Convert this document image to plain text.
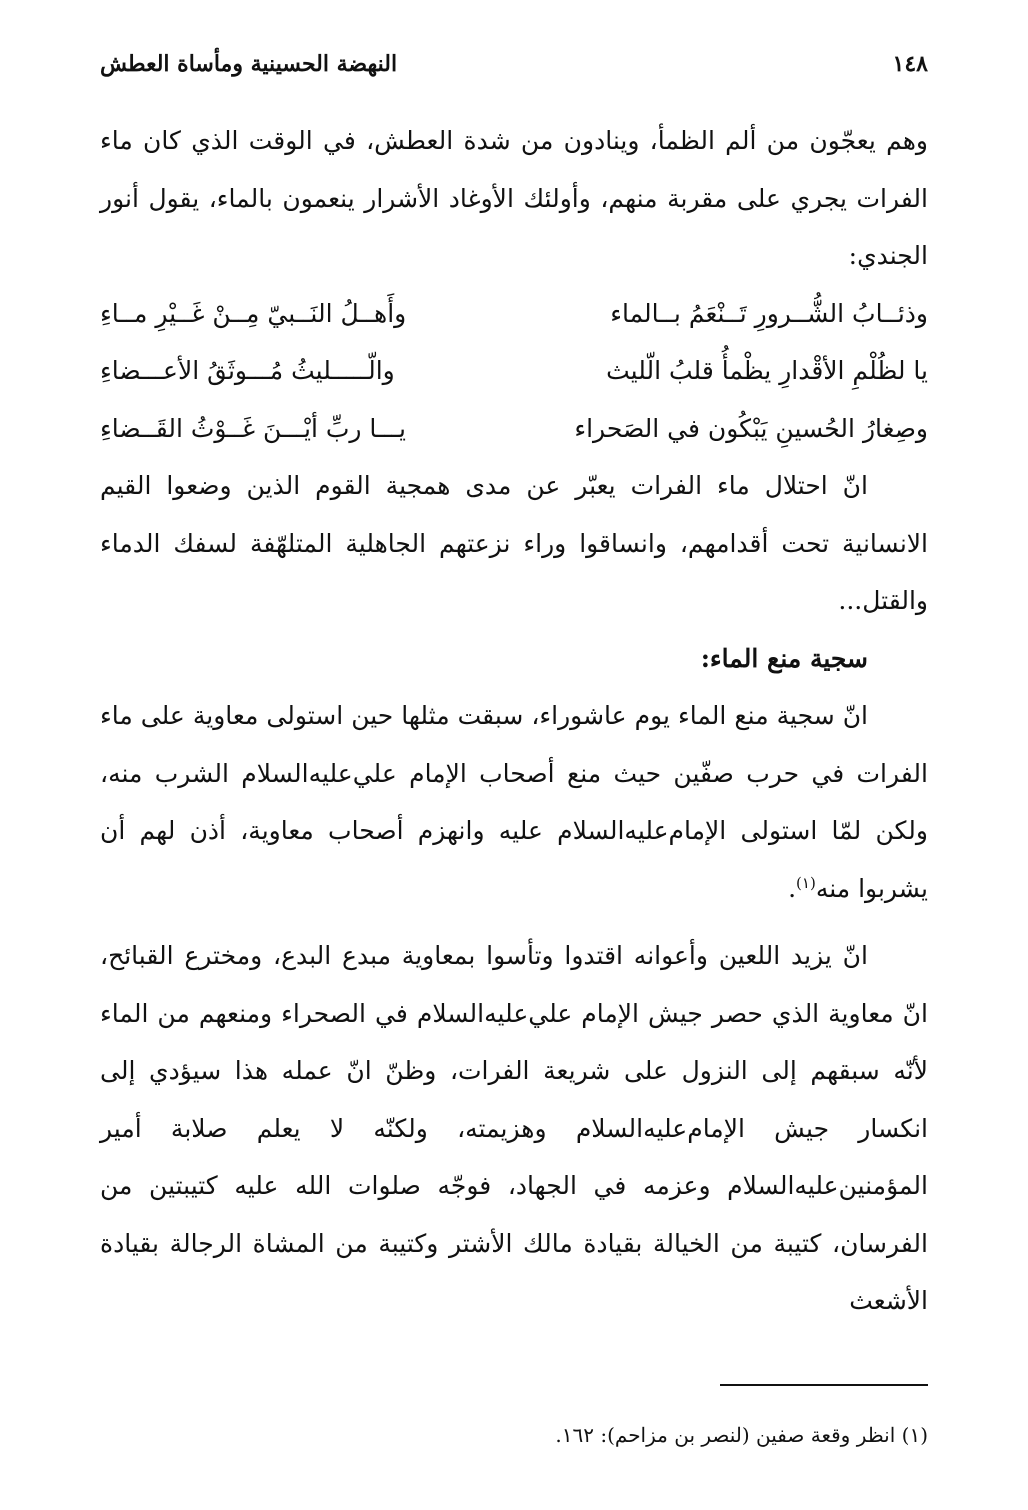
١٤٨
النهضة الحسينية ومأساة العطش

وهم يعجّون من ألم الظمأ، وينادون من شدة العطش، في الوقت الذي كان ماء الفرات يجري على مقربة منهم، وأولئك الأوغاد الأشرار ينعمون بالماء، يقول أنور الجندي:

وذئــابُ الشُّــرورِ تَــنْعَمُ بــالماء
وأَهــلُ النَــبيّ مِــنْ غَــيْرِ مــاءِ
يا لظُلْمِ الأقْدارِ يظْمأُ قلبُ الّليث
والّـــــليثُ مُـــوثَقُ الأعـــضاءِ
وصِغارُ الحُسينِ يَبْكُون في الصَحراء
يـــا ربِّ أيْـــنَ غَــوْثُ القَــضاءِ

انّ احتلال ماء الفرات يعبّر عن مدى همجية القوم الذين وضعوا القيم الانسانية تحت أقدامهم، وانساقوا وراء نزعتهم الجاهلية المتلهّفة لسفك الدماء والقتل...

سجية منع الماء:

انّ سجية منع الماء يوم عاشوراء، سبقت مثلها حين استولى معاوية على ماء الفرات في حرب صفّين حيث منع أصحاب الإمام علي‌عليه‌السلام الشرب منه، ولكن لمّا استولى الإمام‌عليه‌السلام عليه وانهزم أصحاب معاوية، أذن لهم أن يشربوا منه$^{(١)}$.

انّ يزيد اللعين وأعوانه اقتدوا وتأسوا بمعاوية مبدع البدع، ومخترع القبائح، انّ معاوية الذي حصر جيش الإمام علي‌عليه‌السلام في الصحراء ومنعهم من الماء لأنّه سبقهم إلى النزول على شريعة الفرات، وظنّ انّ عمله هذا سيؤدي إلى انكسار جيش الإمام‌عليه‌السلام وهزيمته، ولكنّه لا يعلم صلابة أمير المؤمنين‌عليه‌السلام وعزمه في الجهاد، فوجّه صلوات الله عليه كتيبتين من الفرسان، كتيبة من الخيالة بقيادة مالك الأشتر وكتيبة من المشاة الرجالة بقيادة الأشعث

(١) انظر وقعة صفين (لنصر بن مزاحم): ١٦٢.
